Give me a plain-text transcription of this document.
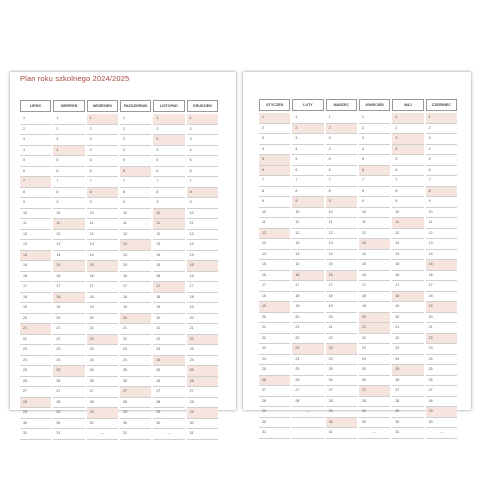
Plan roku szkolnego 2024/2025
LIPIEC	SIERPIEŃ	WRZESIEŃ	PAŹDZIERNIK	LISTOPAD	GRUDZIEŃ

1	1	1	1	1	1
2	2	2	2	2	2
3	3	3	3	3	3
4	4	4	4	4	4
5	5	5	5	5	5
6	6	6	6	6	6
7	7	7	7	7	7
8	8	8	8	8	8
9	9	9	9	9	9
10	10	10	10	10	10
11	11	11	11	11	11
12	12	12	12	12	12
13	13	13	13	13	13
14	14	14	14	14	14
15	15	15	15	15	15
16	16	16	16	16	16
17	17	17	17	17	17
18	18	18	18	18	18
19	19	19	19	19	19
20	20	20	20	20	20
21	21	21	21	21	21
22	22	22	22	22	22
23	23	23	23	23	23
24	24	24	24	24	24
25	25	25	25	25	25
26	26	26	26	26	26
27	27	27	27	27	27
28	28	28	28	28	28
29	29	29	29	29	29
30	30	30	30	30	30
31	31	—	31	—	31
STYCZEŃ	LUTY	MARZEC	KWIECIEŃ	MAJ	CZERWIEC

1	1	1	1	1	1
2	2	2	2	2	2
3	3	3	3	3	3
4	4	4	4	4	4
5	5	5	5	5	5
6	6	6	6	6	6
7	7	7	7	7	7
8	8	8	8	8	8
9	9	9	9	9	9
10	10	10	10	10	10
11	11	11	11	11	11
12	12	12	12	12	12
13	13	13	13	13	13
14	14	14	14	14	14
15	15	15	15	15	15
16	16	16	16	16	16
17	17	17	17	17	17
18	18	18	18	18	18
19	19	19	19	19	19
20	20	20	20	20	20
21	21	21	21	21	21
22	22	22	22	22	22
23	23	23	23	23	23
24	24	24	24	24	24
25	25	25	25	25	25
26	26	26	26	26	26
27	27	27	27	27	27
28	28	28	28	28	28
29	—	29	29	29	29
30		30	30	30	30
31		31	—	31	—
